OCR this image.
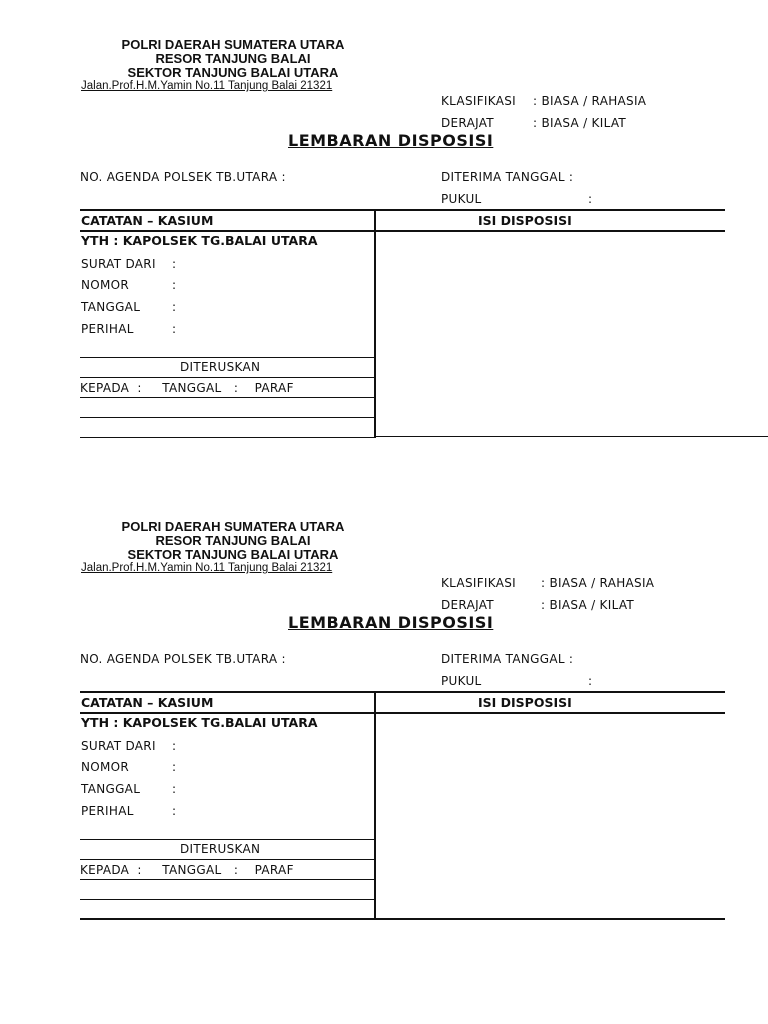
POLRI DAERAH SUMATERA UTARA
RESOR TANJUNG BALAI
SEKTOR TANJUNG BALAI UTARA
Jalan.Prof.H.M.Yamin No.11 Tanjung Balai 21321
KLASIFIKASI : BIASA / RAHASIA
DERAJAT	: BIASA / KILAT
LEMBARAN DISPOSISI
NO. AGENDA POLSEK TB.UTARA :	DITERIMA TANGGAL :
PUKUL	:
CATATAN – KASIUM	ISI DISPOSISI
YTH : KAPOLSEK TG.BALAI UTARA
SURAT DARI :
NOMOR	:
TANGGAL	:
PERIHAL	:
DITERUSKAN
KEPADA  :     TANGGAL   :    PARAF
POLRI DAERAH SUMATERA UTARA
RESOR TANJUNG BALAI
SEKTOR TANJUNG BALAI UTARA
Jalan.Prof.H.M.Yamin No.11 Tanjung Balai 21321
KLASIFIKASI : BIASA / RAHASIA
DERAJAT	: BIASA / KILAT
LEMBARAN DISPOSISI
NO. AGENDA POLSEK TB.UTARA :	DITERIMA TANGGAL :
PUKUL	:
CATATAN – KASIUM	ISI DISPOSISI
YTH : KAPOLSEK TG.BALAI UTARA
SURAT DARI :
NOMOR	:
TANGGAL	:
PERIHAL	:
DITERUSKAN
KEPADA  :     TANGGAL   :    PARAF
